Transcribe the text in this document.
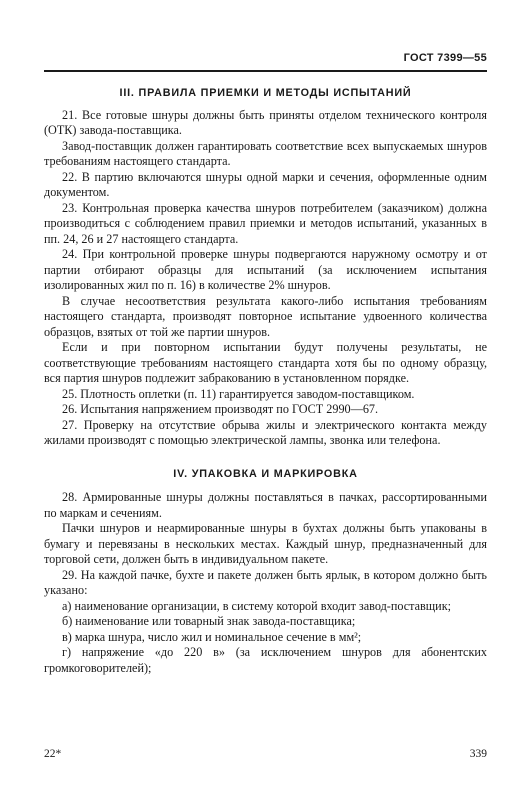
ГОСТ 7399—55
III. ПРАВИЛА ПРИЕМКИ И МЕТОДЫ ИСПЫТАНИЙ

21. Все готовые шнуры должны быть приняты отделом технического контроля (ОТК) завода-поставщика.

Завод-поставщик должен гарантировать соответствие всех выпускаемых шнуров требованиям настоящего стандарта.

22. В партию включаются шнуры одной марки и сечения, оформленные одним документом.

23. Контрольная проверка качества шнуров потребителем (заказчиком) должна производиться с соблюдением правил приемки и методов испытаний, указанных в пп. 24, 26 и 27 настоящего стандарта.

24. При контрольной проверке шнуры подвергаются наружному осмотру и от партии отбирают образцы для испытаний (за исключением испытания изолированных жил по п. 16) в количестве 2% шнуров.

В случае несоответствия результата какого-либо испытания требованиям настоящего стандарта, производят повторное испытание удвоенного количества образцов, взятых от той же партии шнуров.

Если и при повторном испытании будут получены результаты, не соответствующие требованиям настоящего стандарта хотя бы по одному образцу, вся партия шнуров подлежит забракованию в установленном порядке.

25. Плотность оплетки (п. 11) гарантируется заводом-поставщиком.

26. Испытания напряжением производят по ГОСТ 2990—67.

27. Проверку на отсутствие обрыва жилы и электрического контакта между жилами производят с помощью электрической лампы, звонка или телефона.

IV. УПАКОВКА И МАРКИРОВКА

28. Армированные шнуры должны поставляться в пачках, рассортированными по маркам и сечениям.

Пачки шнуров и неармированные шнуры в бухтах должны быть упакованы в бумагу и перевязаны в нескольких местах. Каждый шнур, предназначенный для торговой сети, должен быть в индивидуальном пакете.

29. На каждой пачке, бухте и пакете должен быть ярлык, в котором должно быть указано:

а) наименование организации, в систему которой входит завод-поставщик;

б) наименование или товарный знак завода-поставщика;

в) марка шнура, число жил и номинальное сечение в мм²;

г) напряжение «до 220 в» (за исключением шнуров для абонентских громкоговорителей);

22*	339
